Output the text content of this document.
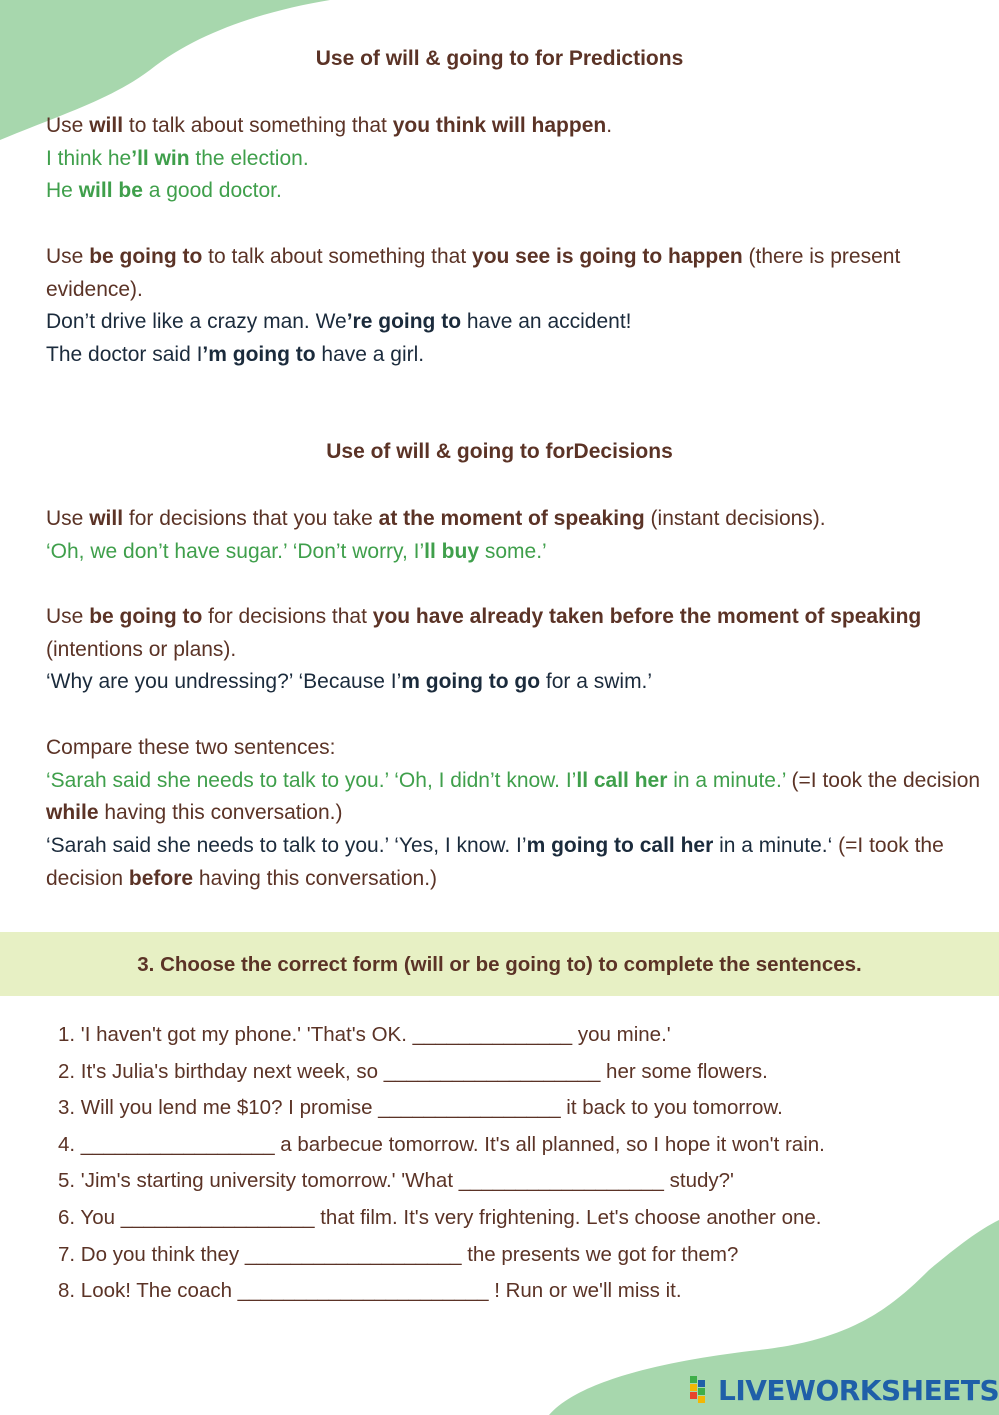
Use of will & going to for Predictions
Use will to talk about something that you think will happen.
I think he’ll win the election.
He will be a good doctor.
Use be going to to talk about something that you see is going to happen (there is present evidence).
Don’t drive like a crazy man. We’re going to have an accident!
The doctor said I’m going to have a girl.
Use of will & going to forDecisions
Use will for decisions that you take at the moment of speaking (instant decisions).
‘Oh, we don’t have sugar.’ ‘Don’t worry, I’ll buy some.’
Use be going to for decisions that you have already taken before the moment of speaking (intentions or plans).
‘Why are you undressing?’ ‘Because I’m going to go for a swim.’
Compare these two sentences:
‘Sarah said she needs to talk to you.’ ‘Oh, I didn’t know. I’ll call her in a minute.’ (=I took the decision while having this conversation.)
‘Sarah said she needs to talk to you.’ ‘Yes, I know. I’m going to call her in a minute.‘ (=I took the decision before having this conversation.)
3. Choose the correct form (will or be going to) to complete the sentences.
1. 'I haven't got my phone.' 'That's OK. ______________ you mine.'
2. It's Julia's birthday next week, so ___________________ her some flowers.
3. Will you lend me $10? I promise ________________ it back to you tomorrow.
4. _________________ a barbecue tomorrow. It's all planned, so I hope it won't rain.
5. 'Jim's starting university tomorrow.' 'What __________________ study?'
6. You _________________ that film. It's very frightening. Let's choose another one.
7. Do you think they ___________________ the presents we got for them?
8. Look! The coach ______________________ ! Run or we'll miss it.
LIVEWORKSHEETS
